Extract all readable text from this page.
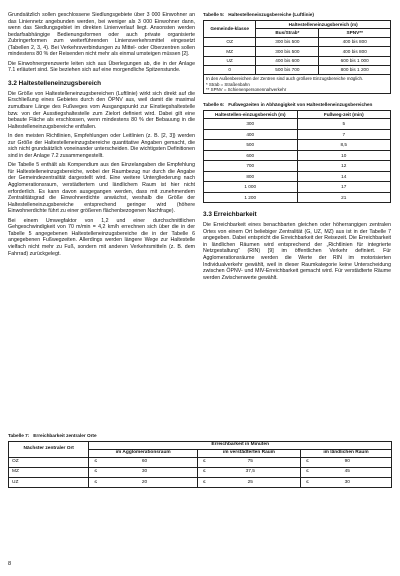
Grundsätzlich sollen geschlossene Siedlungsgebiete über 3 000 Einwohner an das Liniennetz angebunden werden, bei weniger als 3 000 Einwohner dann, wenn das Siedlungsgebiet im direkten Linienverlauf liegt. Ansonsten werden bedarfsabhängige Bedienungsformen oder auch private organisierte Zubringerformen zum weiterführenden Liniensverkehrsmittel eingesetzt (Tabellen 2, 3, 4). Bei Verkehrsverbindungen zu Mittel- oder Oberzentren sollen mindestens 80 % der Reisenden nicht mehr als einmal umsteigen müssen [2].

Die Einwohnergrenzwerte leiten sich aus Überlegungen ab, die in der Anlage 7.1 erläutert sind. Sie beziehen sich auf eine morgendliche Spitzenstunde.

3.2 Haltestelleneinzugsbereich

Die Größe von Haltestelleneinzugsbereichen (Luftlinie) wirkt sich direkt auf die Erschließung eines Gebietes durch den ÖPNV aus, weil damit die maximal zumutbare Länge des Fußweges vom Ausgangspunkt zur Einstiegshaltestelle bzw. von der Ausstiegshaltestelle zum Zielort definiert wird. Dabei gilt eine bebaute Fläche als erschlossen, wenn mindestens 80 % der Bebauung in die Haltestelleneinzugsbereiche entfallen.

In den meisten Richtlinien, Empfehlungen oder Leitlinien (z. B. [2, 3]) werden zur Größe der Haltestelleneinzugsbereiche quantitative Angaben gemacht, die sich nicht grundsätzlich voneinander unterscheiden. Die wichtigsten Definitionen sind in der Anlage 7.2 zusammengestellt.

Die Tabelle 5 enthält als Kompendium aus den Einzelangaben die Empfehlung für Haltestelleneinzugsbereiche, wobei der Raumbezug nur durch die Angabe der Gemeindezentralität dargestellt wird. Eine weitere Untergliederung nach Agglomerationsraum, verstädtertem und ländlichem Raum ist hier nicht erforderlich. Es kann davon ausgegangen werden, dass mit zunehmendem Zentralitätsgrad die Einwohnerdichte anwächst, weshalb die Größe der Haltestelleneinzugsbereiche entsprechend geringer wird (höhere Einwohnerdichte führt zu einer größeren flächenbezogenen Nachfrage).

Bei einem Umwegfaktor von 1,2 und einer durchschnittlichen Gehgeschwindigkeit von 70 m/min = 4,2 km/h errechnen sich über die in der Tabelle 5 angegebenen Haltestelleneinzugsbereiche die in der Tabelle 6 angegebenen Fußwegzeiten. Allerdings werden längere Wege zur Haltestelle vielfach nicht mehr zu Fuß, sondern mit anderen Verkehrsmitteln (z. B. dem Fahrrad) zurückgelegt.

Tabelle 5: Haltestelleneinzugsbereiche (Luftlinie)
Gemeinde-klasse	Haltestelleneinzugsbereich (m)	
	Bus/Strab*	SPNV**
OZ	300 bis 500	400 bis 800
MZ	300 bis 500	400 bis 800
UZ	400 bis 600	600 bis 1 000
0	500 bis 700	800 bis 1 200

In den Außenbereichen der Zentren sind auch größere Einzugsbereiche möglich.
* Strab = Straßenbahn
** SPNV = Schienenpersonennahverkehr		
Tabelle 6: Fußwegzeiten in Abhängigkeit von Haltestelleneinzugsbereichen
Haltestellen-einzugsbereich (m)	Fußweg-zeit (min)
300	5
400	7
500	8,5
600	10
700	12
800	14
1 000	17
1 200	21
3.3 Erreichbarkeit

Die Erreichbarkeit eines benachbarten gleichen oder höherrangigen zentralen Ortes von einem Ort beliebiger Zentralität (G, UZ, MZ) aus ist in der Tabelle 7 angegeben. Dabei entspricht die Erreichbarkeit der Reisezeit. Die Erreichbarkeit in ländlichen Räumen wird entsprechend der „Richtlinien für integrierte Netzgestaltung“ (RIN) [9] im öffentlichen Verkehr definiert. Für Agglomerationsräume werden die Werte der RIN im motorisierten Individualverkehr gewählt, weil in dieser Raumkategorie keine Unterscheidung zwischen ÖPNV- und MIV-Erreichbarkeit gemacht wird. Für verstädterte Räume werden Zwischenwerte gewählt.

Tabelle 7: Erreichbarkeit zentraler Orte
Nächster zentraler Ort	Erreichbarkeit in Minuten		
	im Agglomerationsraum	im verstädterten Raum	im ländlichen Raum
OZ	≤ 60	≤ 75	≤ 90

MZ	≤ 30	≤ 37,5	≤ 45

UZ	≤ 20	≤ 25	≤ 30
8
